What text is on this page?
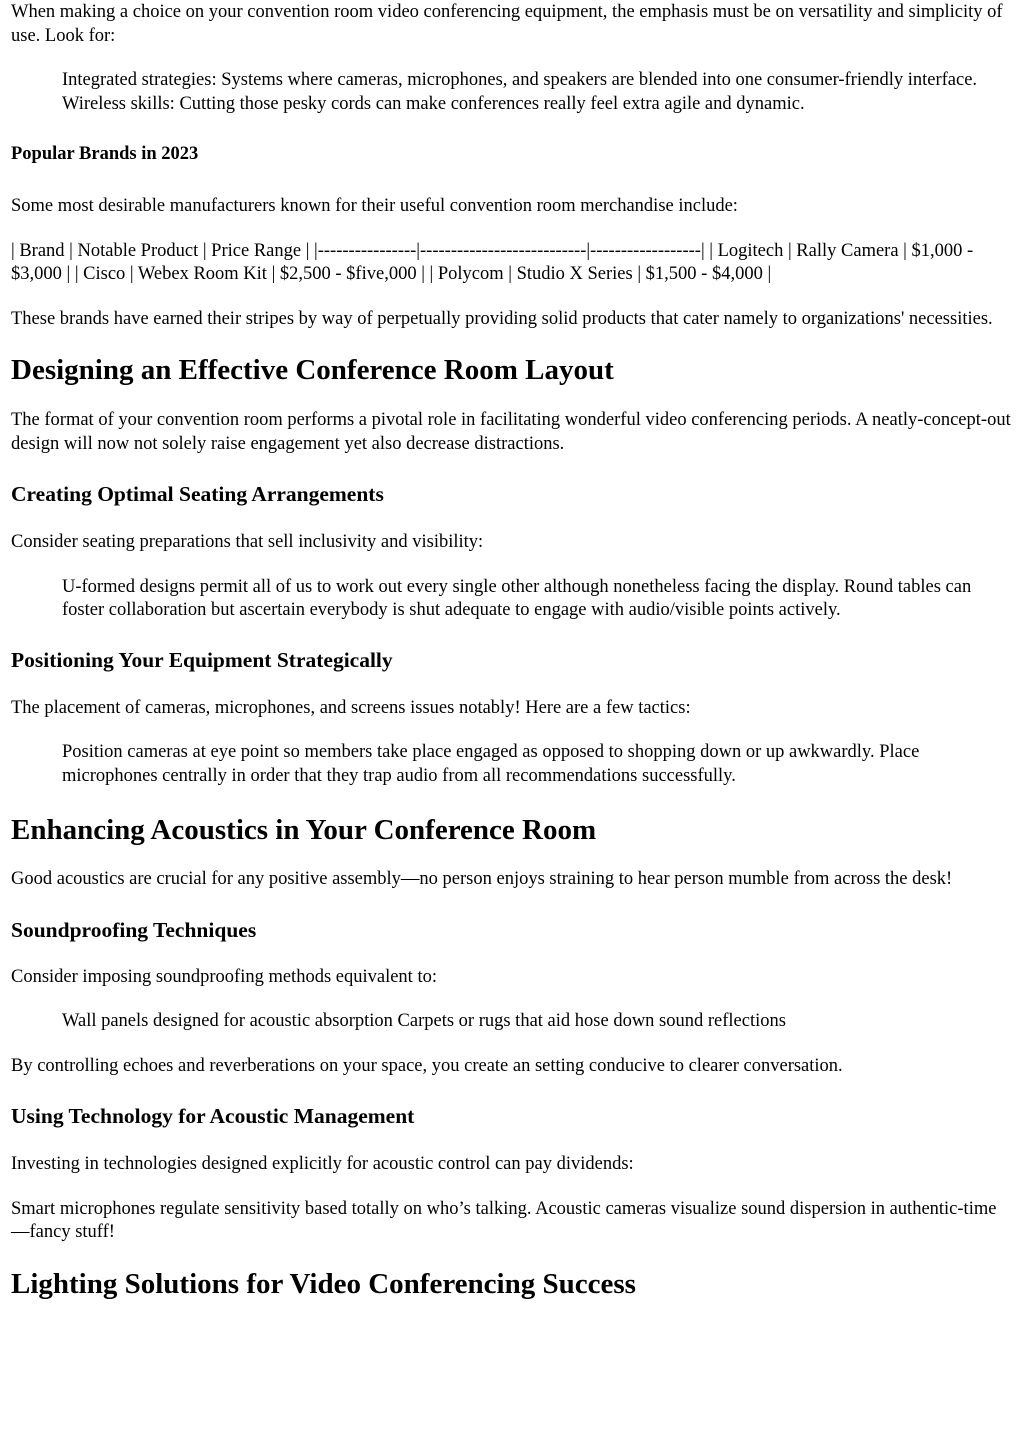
When making a choice on your convention room video conferencing equipment, the emphasis must be on versatility and simplicity of use. Look for:

Integrated strategies: Systems where cameras, microphones, and speakers are blended into one consumer-friendly interface. Wireless skills: Cutting those pesky cords can make conferences really feel extra agile and dynamic.

Popular Brands in 2023

Some most desirable manufacturers known for their useful convention room merchandise include:

| Brand | Notable Product | Price Range | |----------------|---------------------------|------------------| | Logitech | Rally Camera | $1,000 - $3,000 | | Cisco | Webex Room Kit | $2,500 - $five,000 | | Polycom | Studio X Series | $1,500 - $4,000 |

These brands have earned their stripes by way of perpetually providing solid products that cater namely to organizations' necessities.

Designing an Effective Conference Room Layout

The format of your convention room performs a pivotal role in facilitating wonderful video conferencing periods. A neatly-concept-out design will now not solely raise engagement yet also decrease distractions.

Creating Optimal Seating Arrangements

Consider seating preparations that sell inclusivity and visibility:

U-formed designs permit all of us to work out every single other although nonetheless facing the display. Round tables can foster collaboration but ascertain everybody is shut adequate to engage with audio/visible points actively.

Positioning Your Equipment Strategically

The placement of cameras, microphones, and screens issues notably! Here are a few tactics:

Position cameras at eye point so members take place engaged as opposed to shopping down or up awkwardly. Place microphones centrally in order that they trap audio from all recommendations successfully.

Enhancing Acoustics in Your Conference Room

Good acoustics are crucial for any positive assembly—no person enjoys straining to hear person mumble from across the desk!

Soundproofing Techniques

Consider imposing soundproofing methods equivalent to:

Wall panels designed for acoustic absorption Carpets or rugs that aid hose down sound reflections

By controlling echoes and reverberations on your space, you create an setting conducive to clearer conversation.

Using Technology for Acoustic Management

Investing in technologies designed explicitly for acoustic control can pay dividends:

Smart microphones regulate sensitivity based totally on who’s talking. Acoustic cameras visualize sound dispersion in authentic-time—fancy stuff!

Lighting Solutions for Video Conferencing Success
